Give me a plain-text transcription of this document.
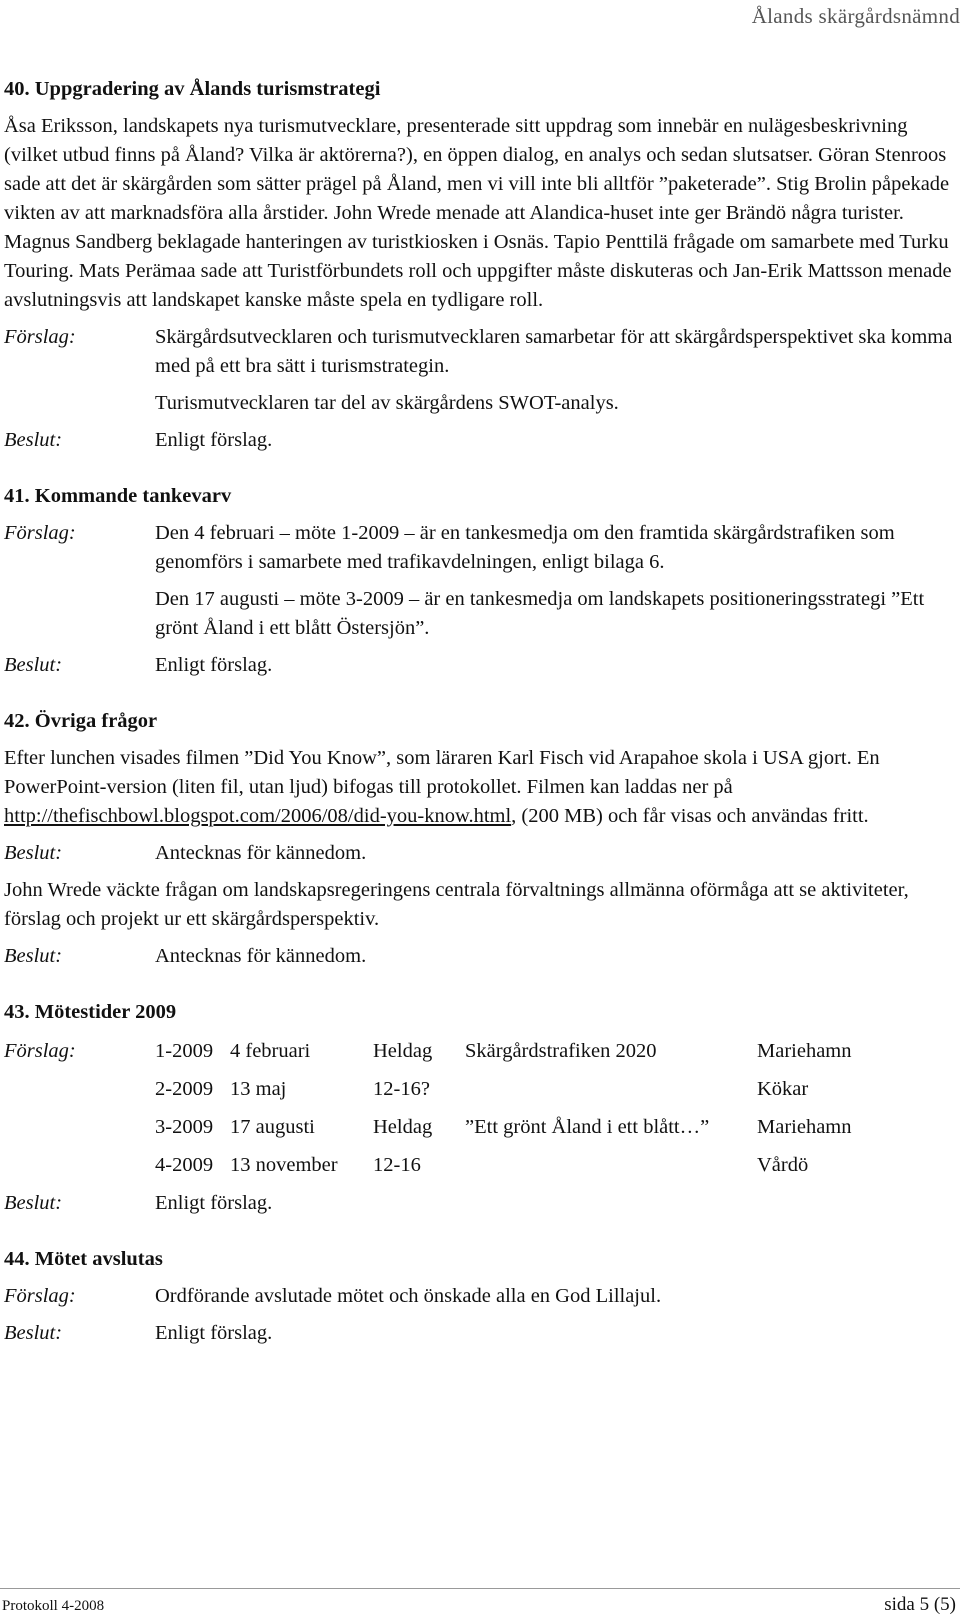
Ålands skärgårdsnämnd

40. Uppgradering av Ålands turismstrategi

Åsa Eriksson, landskapets nya turismutvecklare, presenterade sitt uppdrag som innebär en nulägesbeskrivning (vilket utbud finns på Åland? Vilka är aktörerna?), en öppen dialog, en analys och sedan slutsatser. Göran Stenroos sade att det är skärgården som sätter prägel på Åland, men vi vill inte bli alltför ”paketerade”. Stig Brolin påpekade vikten av att marknadsföra alla årstider. John Wrede menade att Alandica-huset inte ger Brändö några turister. Magnus Sandberg beklagade hanteringen av turistkiosken i Osnäs. Tapio Penttilä frågade om samarbete med Turku Touring. Mats Perämaa sade att Turistförbundets roll och uppgifter måste diskuteras och Jan-Erik Mattsson menade avslutningsvis att landskapet kanske måste spela en tydligare roll.

Förslag:	Skärgårdsutvecklaren och turismutvecklaren samarbetar för att skärgårdsperspektivet ska komma med på ett bra sätt i turismstrategin.
Turismutvecklaren tar del av skärgårdens SWOT-analys.
Beslut:	Enligt förslag.

41. Kommande tankevarv

Förslag:	Den 4 februari – möte 1-2009 – är en tankesmedja om den framtida skärgårdstrafiken som genomförs i samarbete med trafikavdelningen, enligt bilaga 6.
Den 17 augusti – möte 3-2009 – är en tankesmedja om landskapets positioneringsstrategi ”Ett grönt Åland i ett blått Östersjön”.
Beslut:	Enligt förslag.

42. Övriga frågor

Efter lunchen visades filmen ”Did You Know”, som läraren Karl Fisch vid Arapahoe skola i USA gjort. En PowerPoint-version (liten fil, utan ljud) bifogas till protokollet. Filmen kan laddas ner på http://thefischbowl.blogspot.com/2006/08/did-you-know.html, (200 MB) och får visas och användas fritt.

Beslut:	Antecknas för kännedom.

John Wrede väckte frågan om landskapsregeringens centrala förvaltnings allmänna oförmåga att se aktiviteter, förslag och projekt ur ett skärgårdsperspektiv.

Beslut:	Antecknas för kännedom.

43. Mötestider 2009

Förslag:	1-2009	4 februari	Heldag	Skärgårdstrafiken 2020	Mariehamn
	2-2009	13 maj	12-16?		Kökar
	3-2009	17 augusti	Heldag	”Ett grönt Åland i ett blått…”	Mariehamn
	4-2009	13 november	12-16		Vårdö
Beslut:	Enligt förslag.

44. Mötet avslutas

Förslag:	Ordförande avslutade mötet och önskade alla en God Lillajul.
Beslut:	Enligt förslag.
Protokoll 4-2008	sida 5 (5)
